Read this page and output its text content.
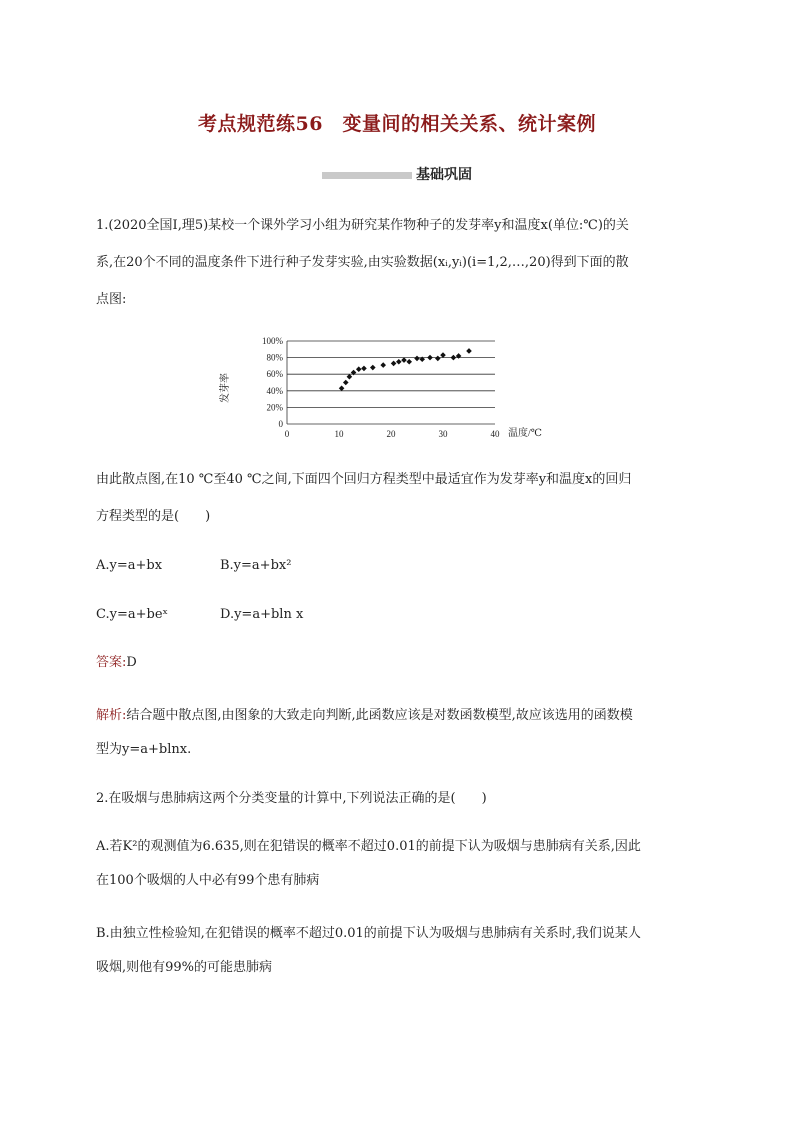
考点规范练56　变量间的相关关系、统计案例
基础巩固
1.(2020全国Ⅰ,理5)某校一个课外学习小组为研究某作物种子的发芽率y和温度x(单位:℃)的关
系,在20个不同的温度条件下进行种子发芽实验,由实验数据(xᵢ,yᵢ)(i=1,2,…,20)得到下面的散
点图:
0
20%
40%
60%
80%
100%
0	10	20	30	40
发芽率
温度/℃
由此散点图,在10 ℃至40 ℃之间,下面四个回归方程类型中最适宜作为发芽率y和温度x的回归
方程类型的是(　　)
A.y=a+bx	B.y=a+bx²
C.y=a+beˣ	D.y=a+bln x
答案:D
解析:结合题中散点图,由图象的大致走向判断,此函数应该是对数函数模型,故应该选用的函数模
型为y=a+blnx.
2.在吸烟与患肺病这两个分类变量的计算中,下列说法正确的是(　　)
A.若K²的观测值为6.635,则在犯错误的概率不超过0.01的前提下认为吸烟与患肺病有关系,因此
在100个吸烟的人中必有99个患有肺病
B.由独立性检验知,在犯错误的概率不超过0.01的前提下认为吸烟与患肺病有关系时,我们说某人
吸烟,则他有99%的可能患肺病
